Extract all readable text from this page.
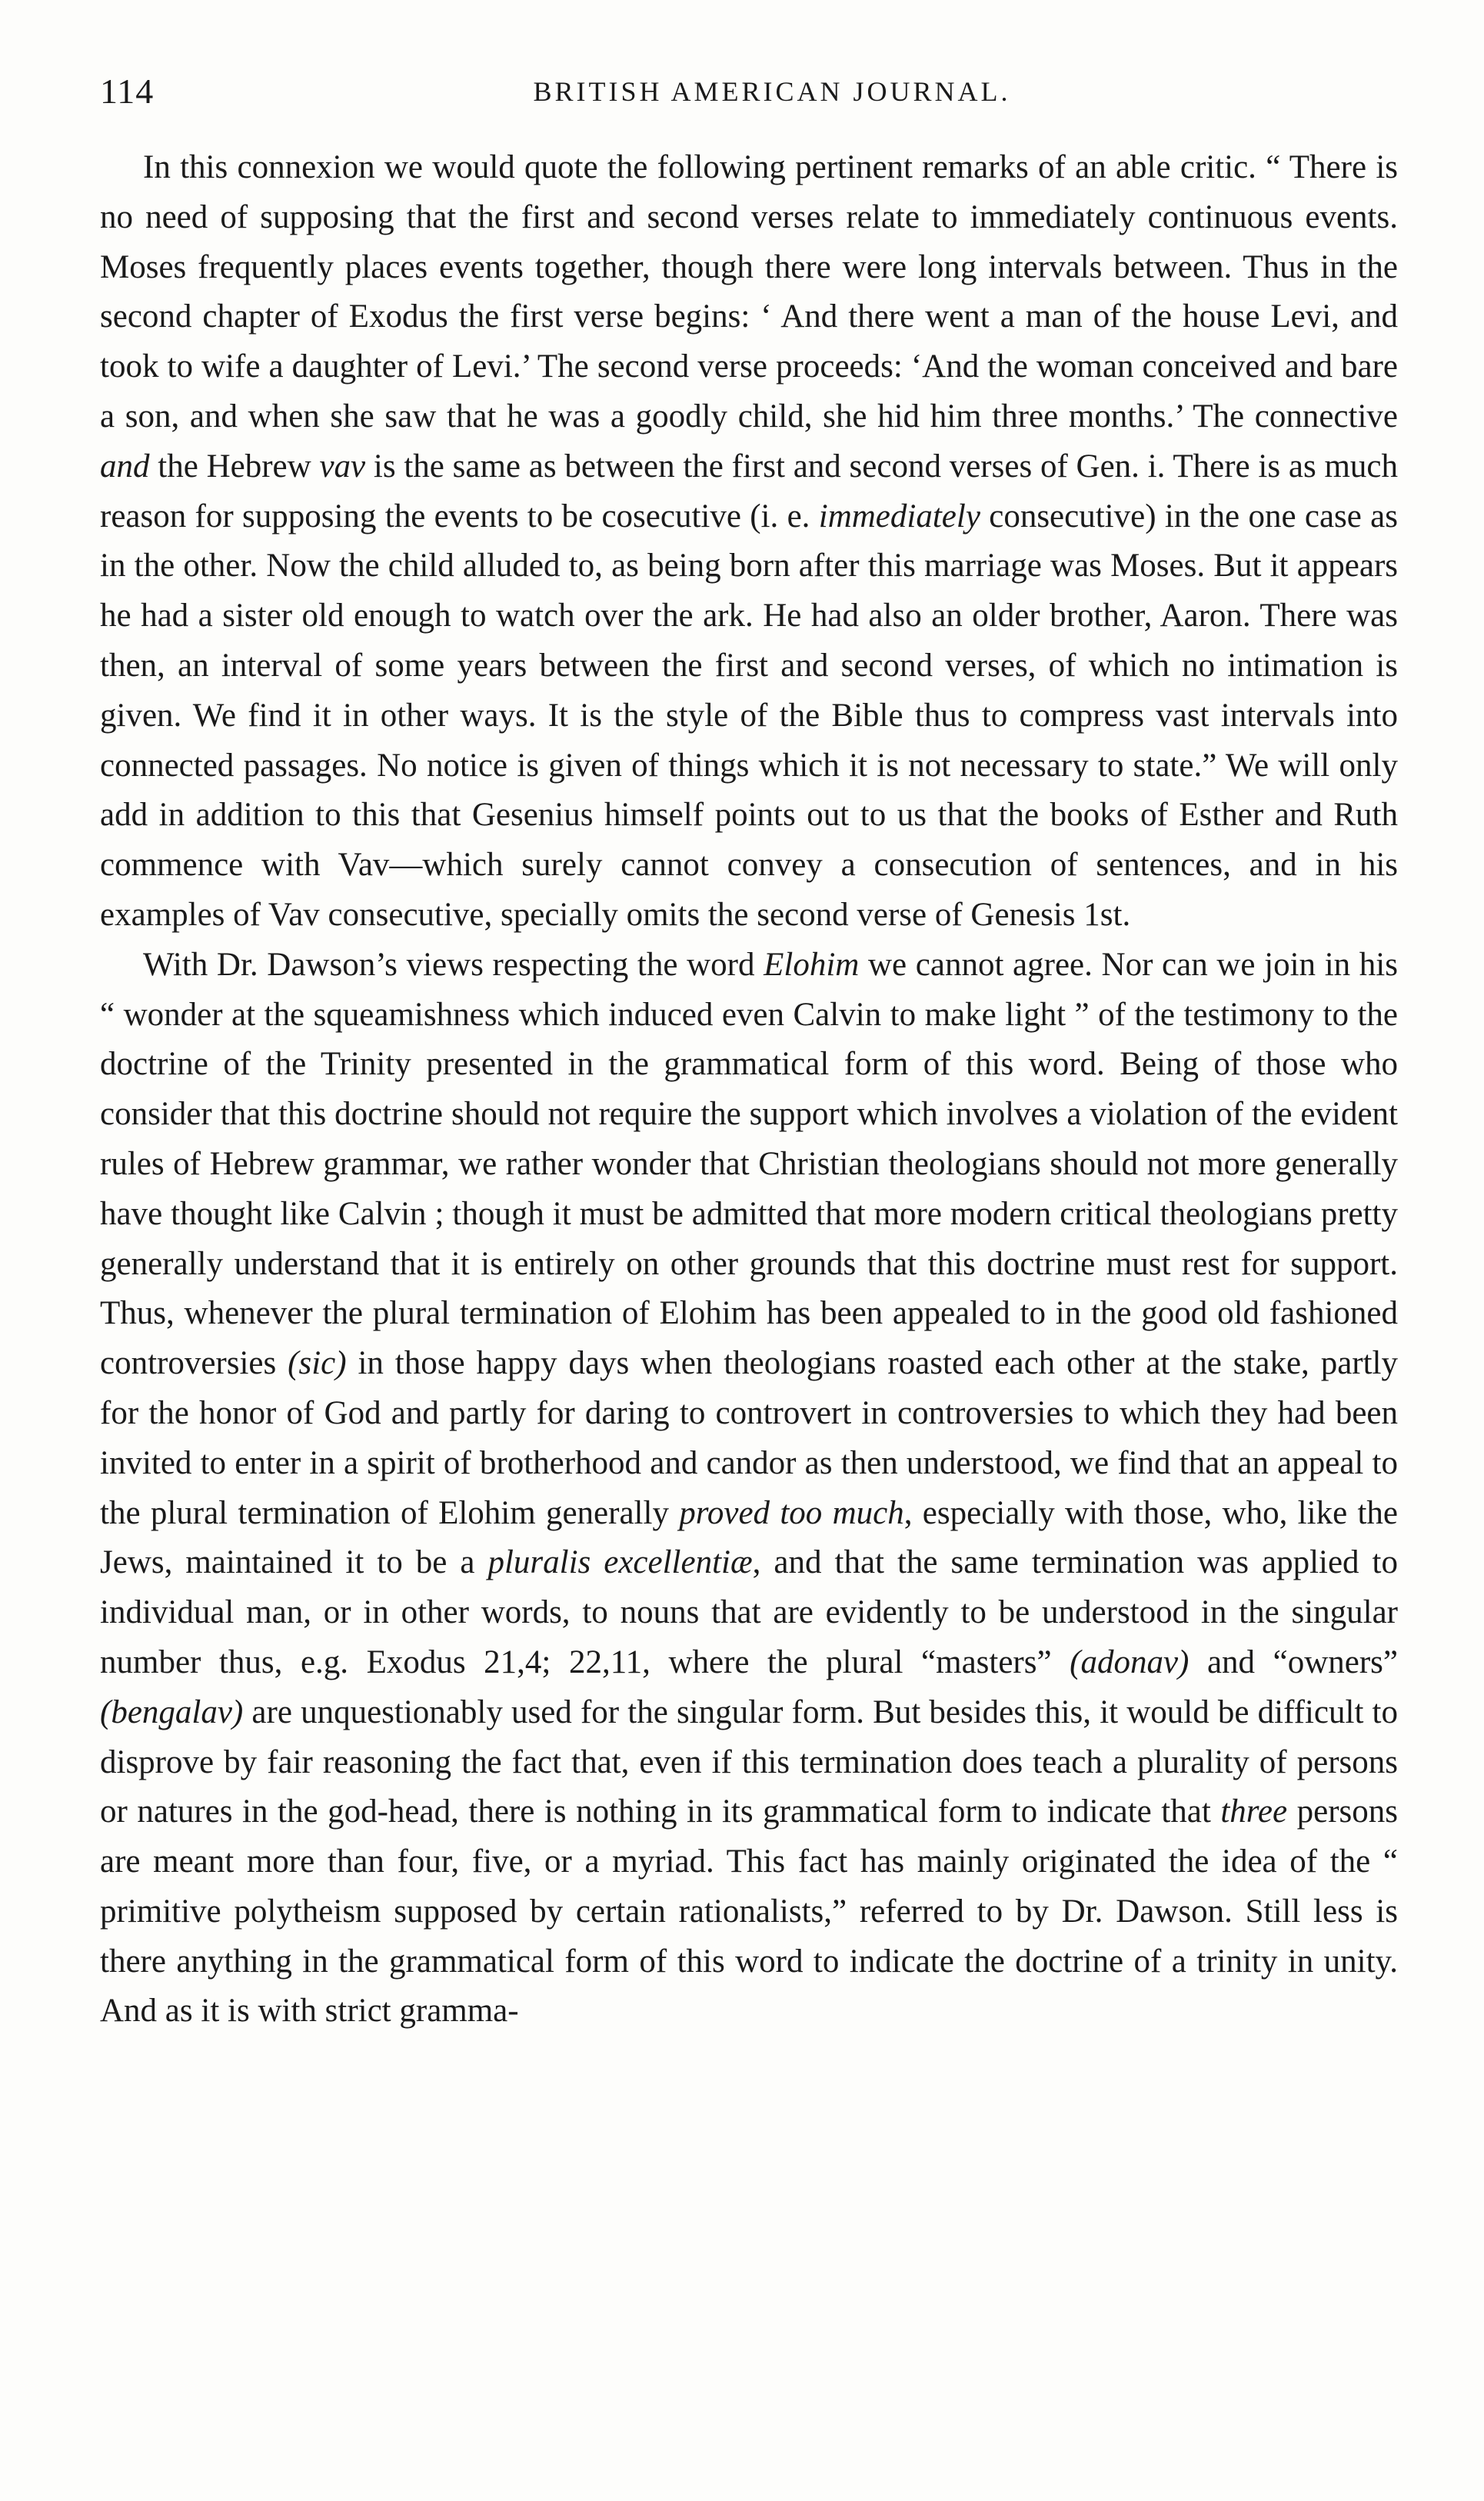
114	BRITISH AMERICAN JOURNAL.

In this connexion we would quote the following pertinent remarks of an able critic. “ There is no need of supposing that the first and second verses relate to immediately continuous events. Moses frequently places events together, though there were long intervals between. Thus in the second chapter of Exodus the first verse begins: ‘ And there went a man of the house Levi, and took to wife a daughter of Levi.’ The second verse proceeds: ‘And the woman conceived and bare a son, and when she saw that he was a goodly child, she hid him three months.’ The connective and the Hebrew vav is the same as between the first and second verses of Gen. i. There is as much reason for supposing the events to be cosecutive (i. e. immediately consecutive) in the one case as in the other. Now the child alluded to, as being born after this marriage was Moses. But it appears he had a sister old enough to watch over the ark. He had also an older brother, Aaron. There was then, an interval of some years between the first and second verses, of which no intimation is given. We find it in other ways. It is the style of the Bible thus to compress vast intervals into connected passages. No notice is given of things which it is not necessary to state.” We will only add in addition to this that Gesenius himself points out to us that the books of Esther and Ruth commence with Vav—which surely cannot convey a consecution of sentences, and in his examples of Vav consecutive, specially omits the second verse of Genesis 1st.

With Dr. Dawson’s views respecting the word Elohim we cannot agree. Nor can we join in his “ wonder at the squeamishness which induced even Calvin to make light ” of the testimony to the doctrine of the Trinity presented in the grammatical form of this word. Being of those who consider that this doctrine should not require the support which involves a violation of the evident rules of Hebrew grammar, we rather wonder that Christian theologians should not more generally have thought like Calvin ; though it must be admitted that more modern critical theologians pretty generally understand that it is entirely on other grounds that this doctrine must rest for support. Thus, whenever the plural termination of Elohim has been appealed to in the good old fashioned controversies (sic) in those happy days when theologians roasted each other at the stake, partly for the honor of God and partly for daring to controvert in controversies to which they had been invited to enter in a spirit of brotherhood and candor as then understood, we find that an appeal to the plural termination of Elohim generally proved too much, especially with those, who, like the Jews, maintained it to be a pluralis excellentiæ, and that the same termination was applied to individual man, or in other words, to nouns that are evidently to be understood in the singular number thus, e.g. Exodus 21,4; 22,11, where the plural “masters” (adonav) and “owners” (bengalav) are unquestionably used for the singular form. But besides this, it would be difficult to disprove by fair reasoning the fact that, even if this termination does teach a plurality of persons or natures in the god-head, there is nothing in its grammatical form to indicate that three persons are meant more than four, five, or a myriad. This fact has mainly originated the idea of the “ primitive polytheism supposed by certain rationalists,” referred to by Dr. Dawson. Still less is there anything in the grammatical form of this word to indicate the doctrine of a trinity in unity. And as it is with strict gramma-
